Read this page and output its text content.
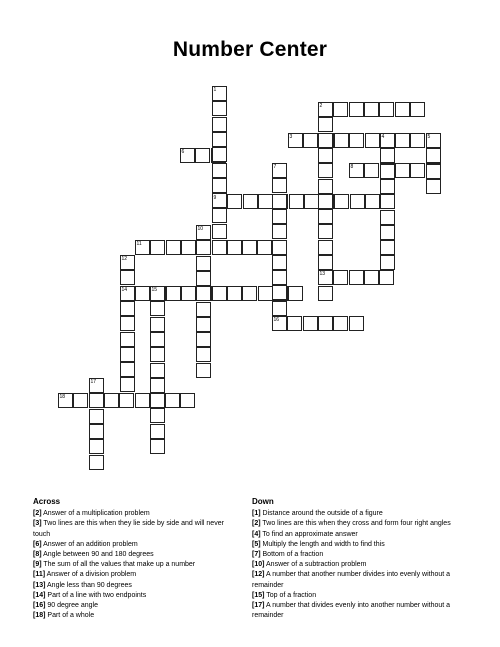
Number Center
1
2
3	4	5
6
7	8
9
10
11
12
13
14	15
16
17
18
Across
[2] Answer of a multiplication problem
[3] Two lines are this when they lie side by side and will never touch
[6] Answer of an addition problem
[8] Angle between 90 and 180 degrees
[9] The sum of all the values that make up a number
[11] Answer of a division problem
[13] Angle less than 90 degrees
[14] Part of a line with two endpoints
[16] 90 degree angle
[18] Part of a whole
Down
[1] Distance around the outside of a figure
[2] Two lines are this when they cross and form four right angles
[4] To find an approximate answer
[5] Multiply the length and width to find this
[7] Bottom of a fraction
[10] Answer of a subtraction problem
[12] A number that another number divides into evenly without a remainder
[15] Top of a fraction
[17] A number that divides evenly into another number without a remainder
